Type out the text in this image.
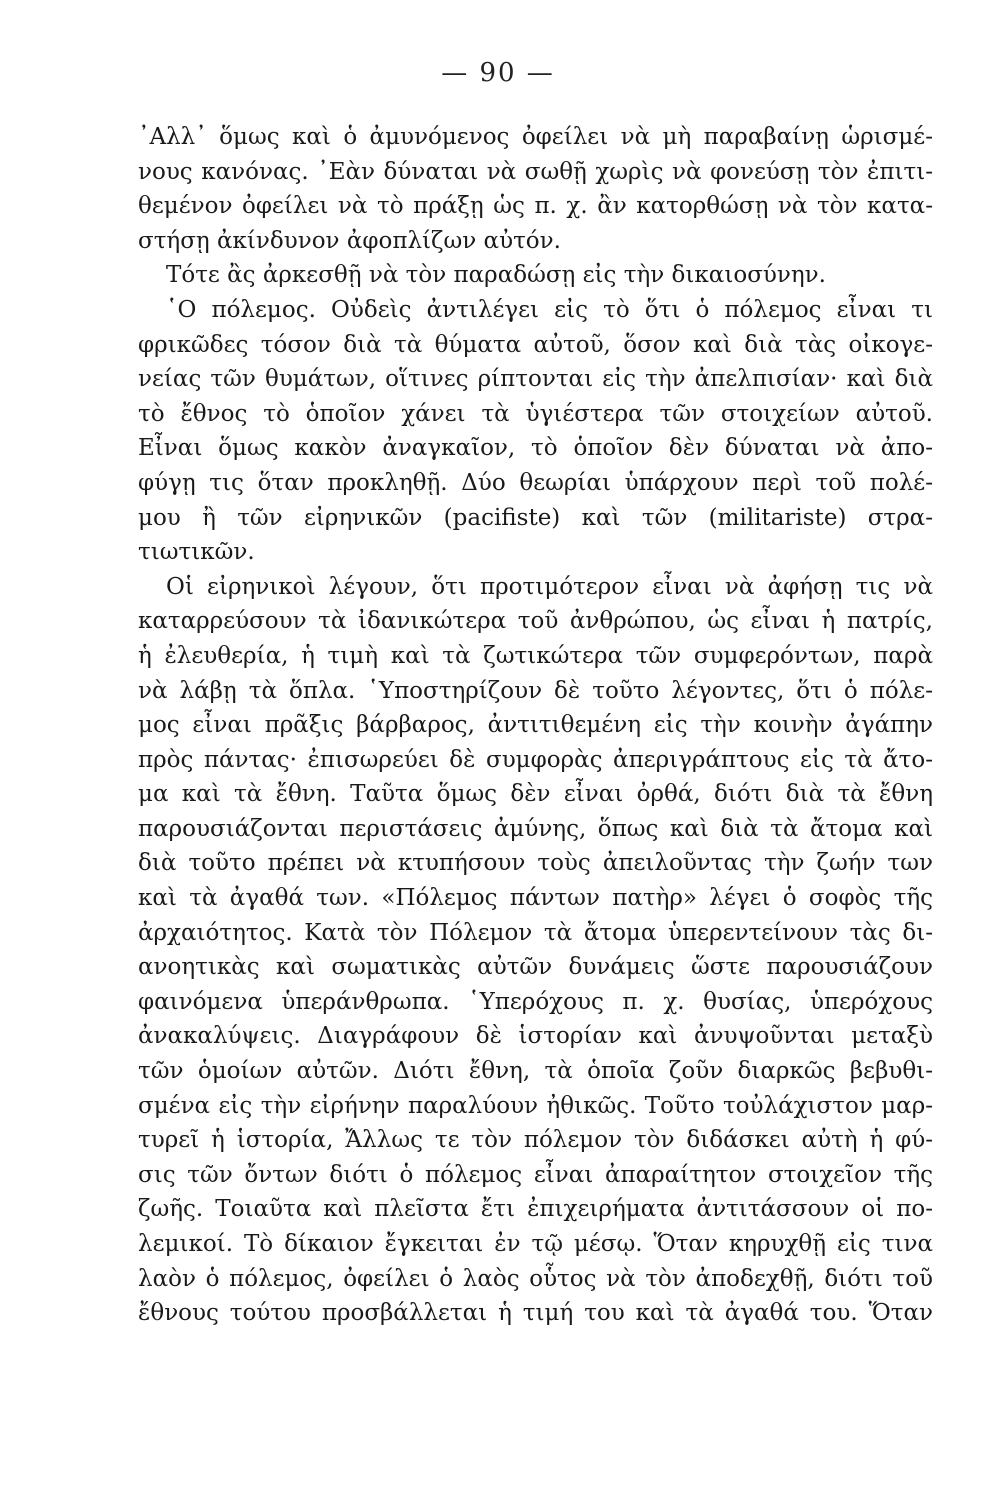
— 90 —
᾿Αλλ᾿ ὅμως καὶ ὁ ἀμυνόμενος ὀφείλει νὰ μὴ παραβαίνῃ ὡρισμέ-
νους κανόνας. ᾿Εὰν δύναται νὰ σωθῇ χωρὶς νὰ φονεύσῃ τὸν ἐπιτι-
θεμένον ὀφείλει νὰ τὸ πράξῃ ὡς π. χ. ἂν κατορθώσῃ νὰ τὸν κατα-
στήσῃ ἀκίνδυνον ἀφοπλίζων αὐτόν.
Τότε ἂς ἀρκεσθῇ νὰ τὸν παραδώσῃ εἰς τὴν δικαιοσύνην.
῾Ο πόλεμος. Οὐδεὶς ἀντιλέγει εἰς τὸ ὅτι ὁ πόλεμος εἶναι τι
φρικῶδες τόσον διὰ τὰ θύματα αὐτοῦ, ὅσον καὶ διὰ τὰς οἰκογε-
νείας τῶν θυμάτων, οἵτινες ρίπτονται εἰς τὴν ἀπελπισίαν· καὶ διὰ
τὸ ἔθνος τὸ ὁποῖον χάνει τὰ ὑγιέστερα τῶν στοιχείων αὐτοῦ.
Εἶναι ὅμως κακὸν ἀναγκαῖον, τὸ ὁποῖον δὲν δύναται νὰ ἀπο-
φύγῃ τις ὅταν προκληθῇ. Δύο θεωρίαι ὑπάρχουν περὶ τοῦ πολέ-
μου ἢ τῶν εἰρηνικῶν (pacifiste) καὶ τῶν (militariste) στρα-
τιωτικῶν.
Οἱ εἰρηνικοὶ λέγουν, ὅτι προτιμότερον εἶναι νὰ ἀφήσῃ τις νὰ
καταρρεύσουν τὰ ἰδανικώτερα τοῦ ἀνθρώπου, ὡς εἶναι ἡ πατρίς,
ἡ ἐλευθερία, ἡ τιμὴ καὶ τὰ ζωτικώτερα τῶν συμφερόντων, παρὰ
νὰ λάβῃ τὰ ὅπλα. ῾Υποστηρίζουν δὲ τοῦτο λέγοντες, ὅτι ὁ πόλε-
μος εἶναι πρᾶξις βάρβαρος, ἀντιτιθεμένη εἰς τὴν κοινὴν ἀγάπην
πρὸς πάντας· ἐπισωρεύει δὲ συμφορὰς ἀπεριγράπτους εἰς τὰ ἄτο-
μα καὶ τὰ ἔθνη. Ταῦτα ὅμως δὲν εἶναι ὀρθά, διότι διὰ τὰ ἔθνη
παρουσιάζονται περιστάσεις ἀμύνης, ὅπως καὶ διὰ τὰ ἄτομα καὶ
διὰ τοῦτο πρέπει νὰ κτυπήσουν τοὺς ἀπειλοῦντας τὴν ζωήν των
καὶ τὰ ἀγαθά των. «Πόλεμος πάντων πατὴρ» λέγει ὁ σοφὸς τῆς
ἀρχαιότητος. Κατὰ τὸν Πόλεμον τὰ ἄτομα ὑπερεντείνουν τὰς δι-
ανοητικὰς καὶ σωματικὰς αὐτῶν δυνάμεις ὥστε παρουσιάζουν
φαινόμενα ὑπεράνθρωπα. ῾Υπερόχους π. χ. θυσίας, ὑπερόχους
ἀνακαλύψεις. Διαγράφουν δὲ ἱστορίαν καὶ ἀνυψοῦνται μεταξὺ
τῶν ὁμοίων αὐτῶν. Διότι ἔθνη, τὰ ὁποῖα ζοῦν διαρκῶς βεβυθι-
σμένα εἰς τὴν εἰρήνην παραλύουν ἠθικῶς. Τοῦτο τοὐλάχιστον μαρ-
τυρεῖ ἡ ἱστορία, Ἄλλως τε τὸν πόλεμον τὸν διδάσκει αὐτὴ ἡ φύ-
σις τῶν ὄντων διότι ὁ πόλεμος εἶναι ἀπαραίτητον στοιχεῖον τῆς
ζωῆς. Τοιαῦτα καὶ πλεῖστα ἔτι ἐπιχειρήματα ἀντιτάσσουν οἱ πο-
λεμικοί. Τὸ δίκαιον ἔγκειται ἐν τῷ μέσῳ. Ὅταν κηρυχθῇ εἰς τινα
λαὸν ὁ πόλεμος, ὀφείλει ὁ λαὸς οὗτος νὰ τὸν ἀποδεχθῇ, διότι τοῦ
ἔθνους τούτου προσβάλλεται ἡ τιμή του καὶ τὰ ἀγαθά του. Ὅταν
